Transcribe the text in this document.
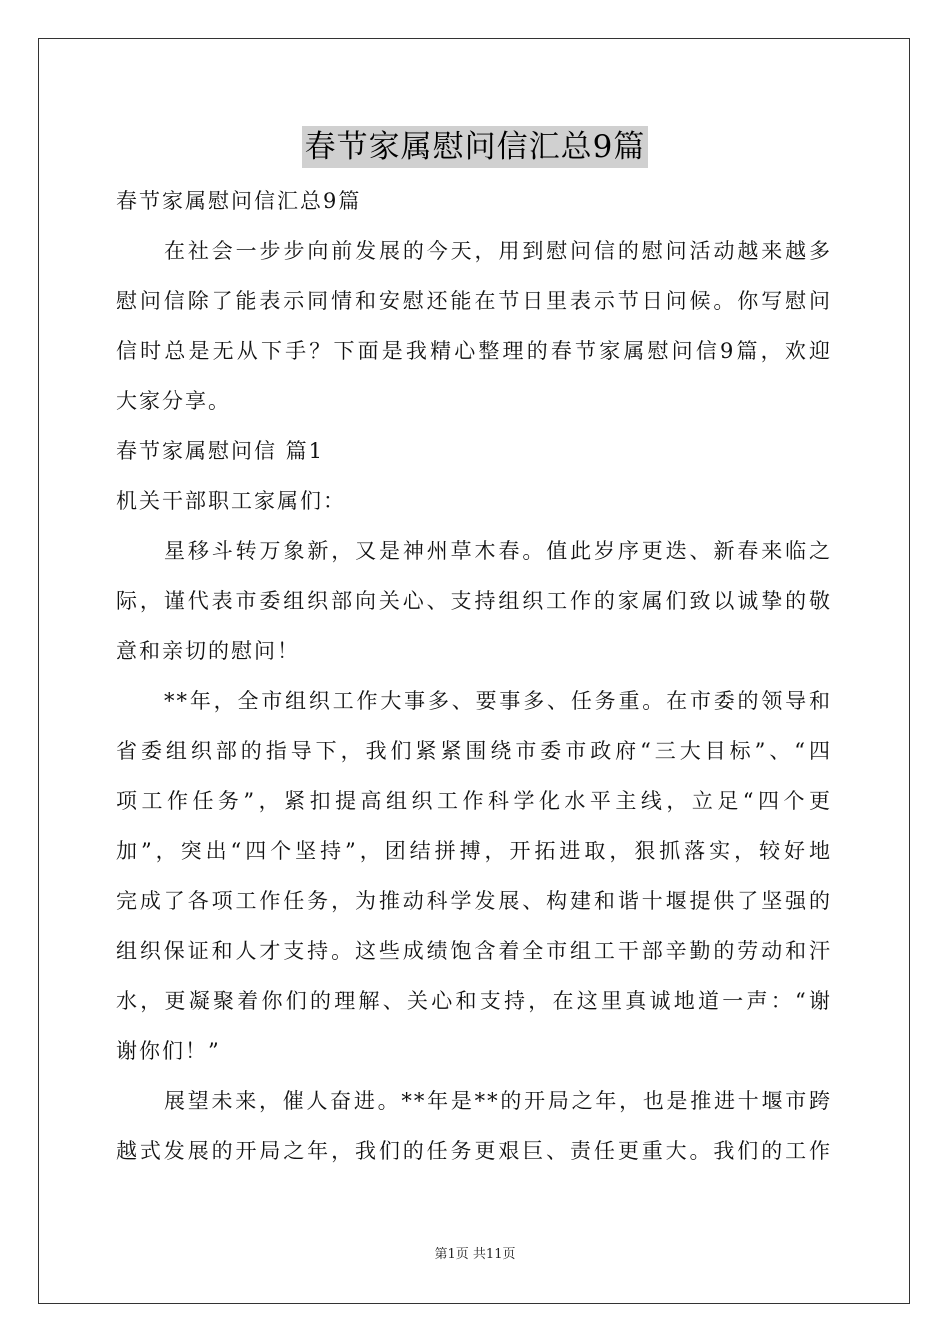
春节家属慰问信汇总9篇
春节家属慰问信汇总9篇
在社会一步步向前发展的今天，用到慰问信的慰问活动越来越多
慰问信除了能表示同情和安慰还能在节日里表示节日问候。你写慰问
信时总是无从下手？下面是我精心整理的春节家属慰问信9篇，欢迎
大家分享。
春节家属慰问信 篇1
机关干部职工家属们：
星移斗转万象新，又是神州草木春。值此岁序更迭、新春来临之
际，谨代表市委组织部向关心、支持组织工作的家属们致以诚挚的敬
意和亲切的慰问！
**年，全市组织工作大事多、要事多、任务重。在市委的领导和
省委组织部的指导下，我们紧紧围绕市委市政府“三大目标”、“四
项工作任务”，紧扣提高组织工作科学化水平主线，立足“四个更
加”，突出“四个坚持”，团结拼搏，开拓进取，狠抓落实，较好地
完成了各项工作任务，为推动科学发展、构建和谐十堰提供了坚强的
组织保证和人才支持。这些成绩饱含着全市组工干部辛勤的劳动和汗
水，更凝聚着你们的理解、关心和支持，在这里真诚地道一声：“谢
谢你们！”
展望未来，催人奋进。**年是**的开局之年，也是推进十堰市跨
越式发展的开局之年，我们的任务更艰巨、责任更重大。我们的工作
第1页 共11页
